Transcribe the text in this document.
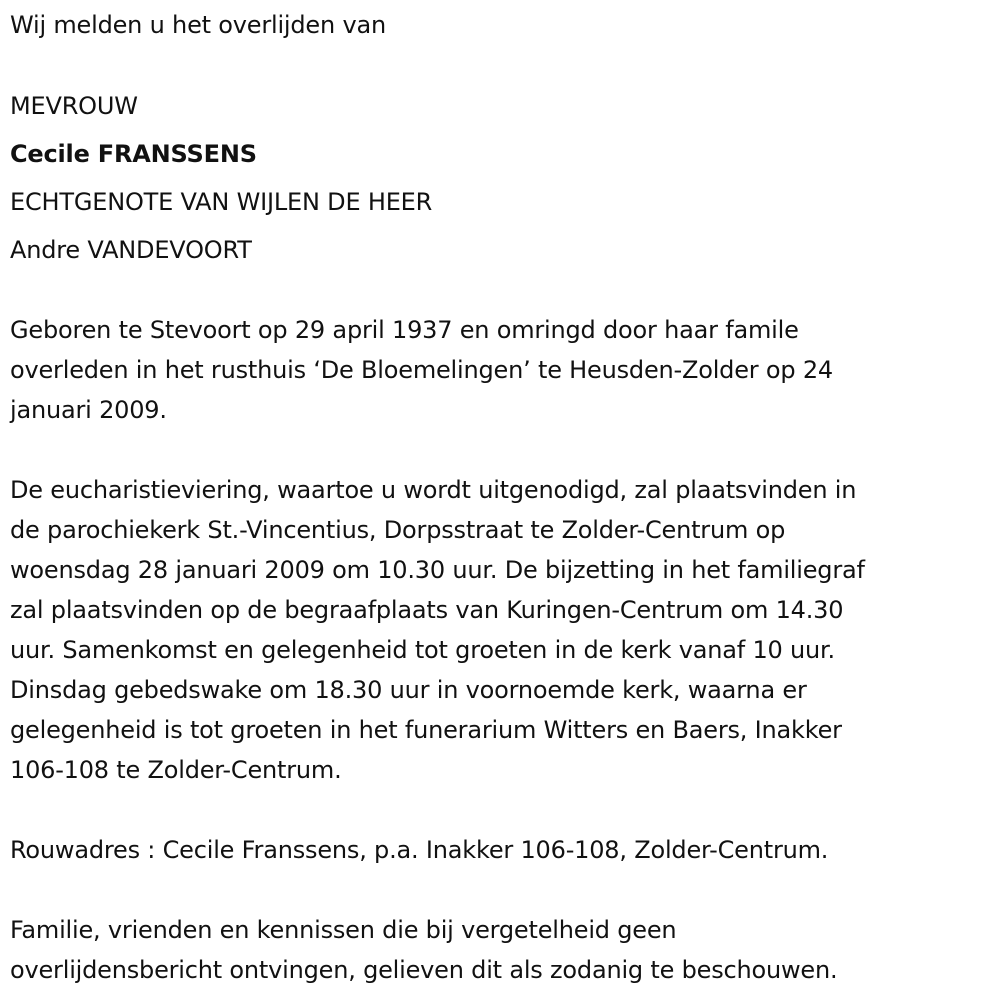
Wij melden u het overlijden van

MEVROUW

Cecile FRANSSENS

ECHTGENOTE VAN WIJLEN DE HEER

Andre VANDEVOORT

Geboren te Stevoort op 29 april 1937 en omringd door haar famile

overleden in het rusthuis ‘De Bloemelingen’ te Heusden-Zolder op 24

januari 2009.

De eucharistieviering, waartoe u wordt uitgenodigd, zal plaatsvinden in

de parochiekerk St.-Vincentius, Dorpsstraat te Zolder-Centrum op

woensdag 28 januari 2009 om 10.30 uur. De bijzetting in het familiegraf

zal plaatsvinden op de begraafplaats van Kuringen-Centrum om 14.30

uur. Samenkomst en gelegenheid tot groeten in de kerk vanaf 10 uur.

Dinsdag gebedswake om 18.30 uur in voornoemde kerk, waarna er

gelegenheid is tot groeten in het funerarium Witters en Baers, Inakker

106-108 te Zolder-Centrum.

Rouwadres : Cecile Franssens, p.a. Inakker 106-108, Zolder-Centrum.

Familie, vrienden en kennissen die bij vergetelheid geen

overlijdensbericht ontvingen, gelieven dit als zodanig te beschouwen.
